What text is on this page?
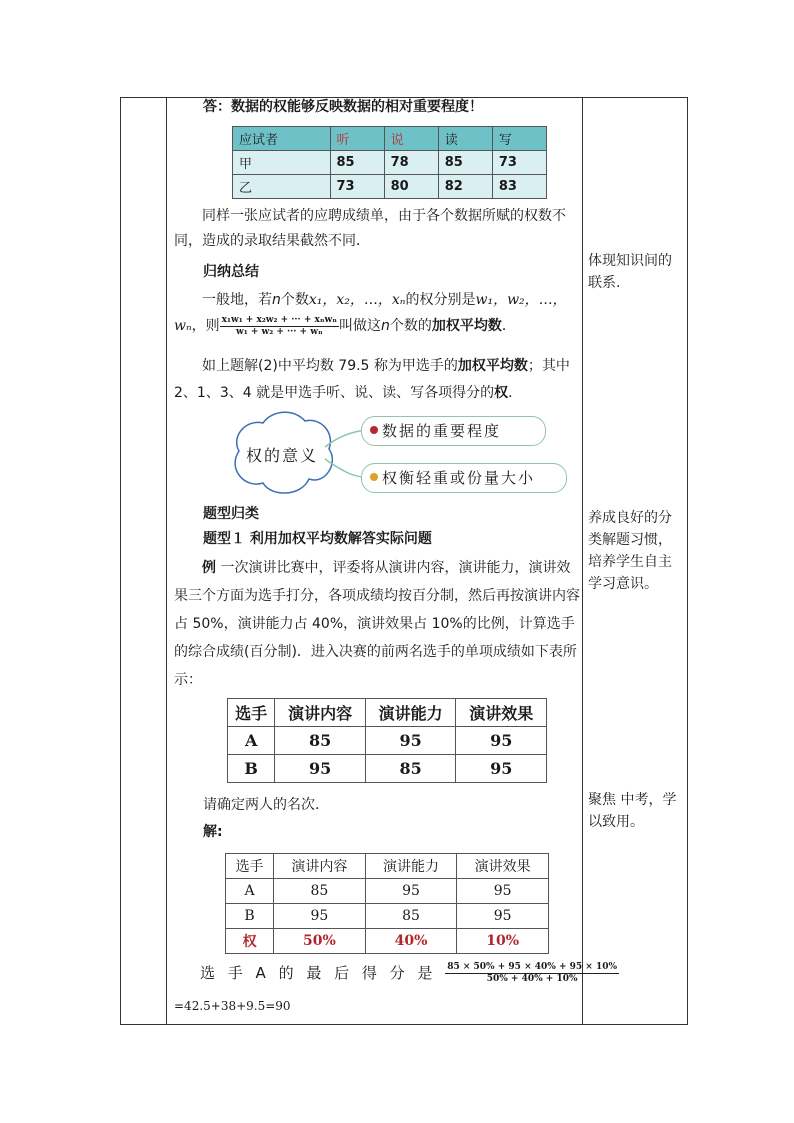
答：数据的权能够反映数据的相对重要程度！

应试者	听	说	读	写
甲	85	78	85	73
乙	73	80	82	83

同样一张应试者的应聘成绩单，由于各个数据所赋的权数不同，造成的录取结果截然不同．

归纳总结

一般地，若n个数x₁，x₂，…，xₙ的权分别是w₁，w₂，…，
wₙ，则 $\frac{\text{x₁w₁ + x₂w₂ + ··· + xₙwₙ}}{\text{w₁ + w₂ + ··· + wₙ}}$ 叫做这n个数的加权平均数．

如上题解(2)中平均数 79.5 称为甲选手的加权平均数；其中 2、1、3、4 就是甲选手听、说、读、写各项得分的权．

权的意义
数据的重要程度
权衡轻重或份量大小

题型归类

题型１ 利用加权平均数解答实际问题

例 一次演讲比赛中，评委将从演讲内容，演讲能力，演讲效果三个方面为选手打分，各项成绩均按百分制，然后再按演讲内容占 50%，演讲能力占 40%，演讲效果占 10%的比例，计算选手的综合成绩(百分制)．进入决赛的前两名选手的单项成绩如下表所示：

选手	演讲内容	演讲能力	演讲效果
A	85	95	95
B	95	85	95

请确定两人的名次．

解:

选手	演讲内容	演讲能力	演讲效果
A	85	95	95
B	95	85	95
权	50%	40%	10%
选 手 A 的 最 后 得 分 是 $\frac{85 \times 50\% + 95 \times 40\% + 95 \times 10\%}{50\% + 40\% + 10\%}$

=42.5+38+9.5=90

体现知识间的联系.
养成良好的分类解题习惯，培养学生自主学习意识。
聚焦 中考，学以致用。
